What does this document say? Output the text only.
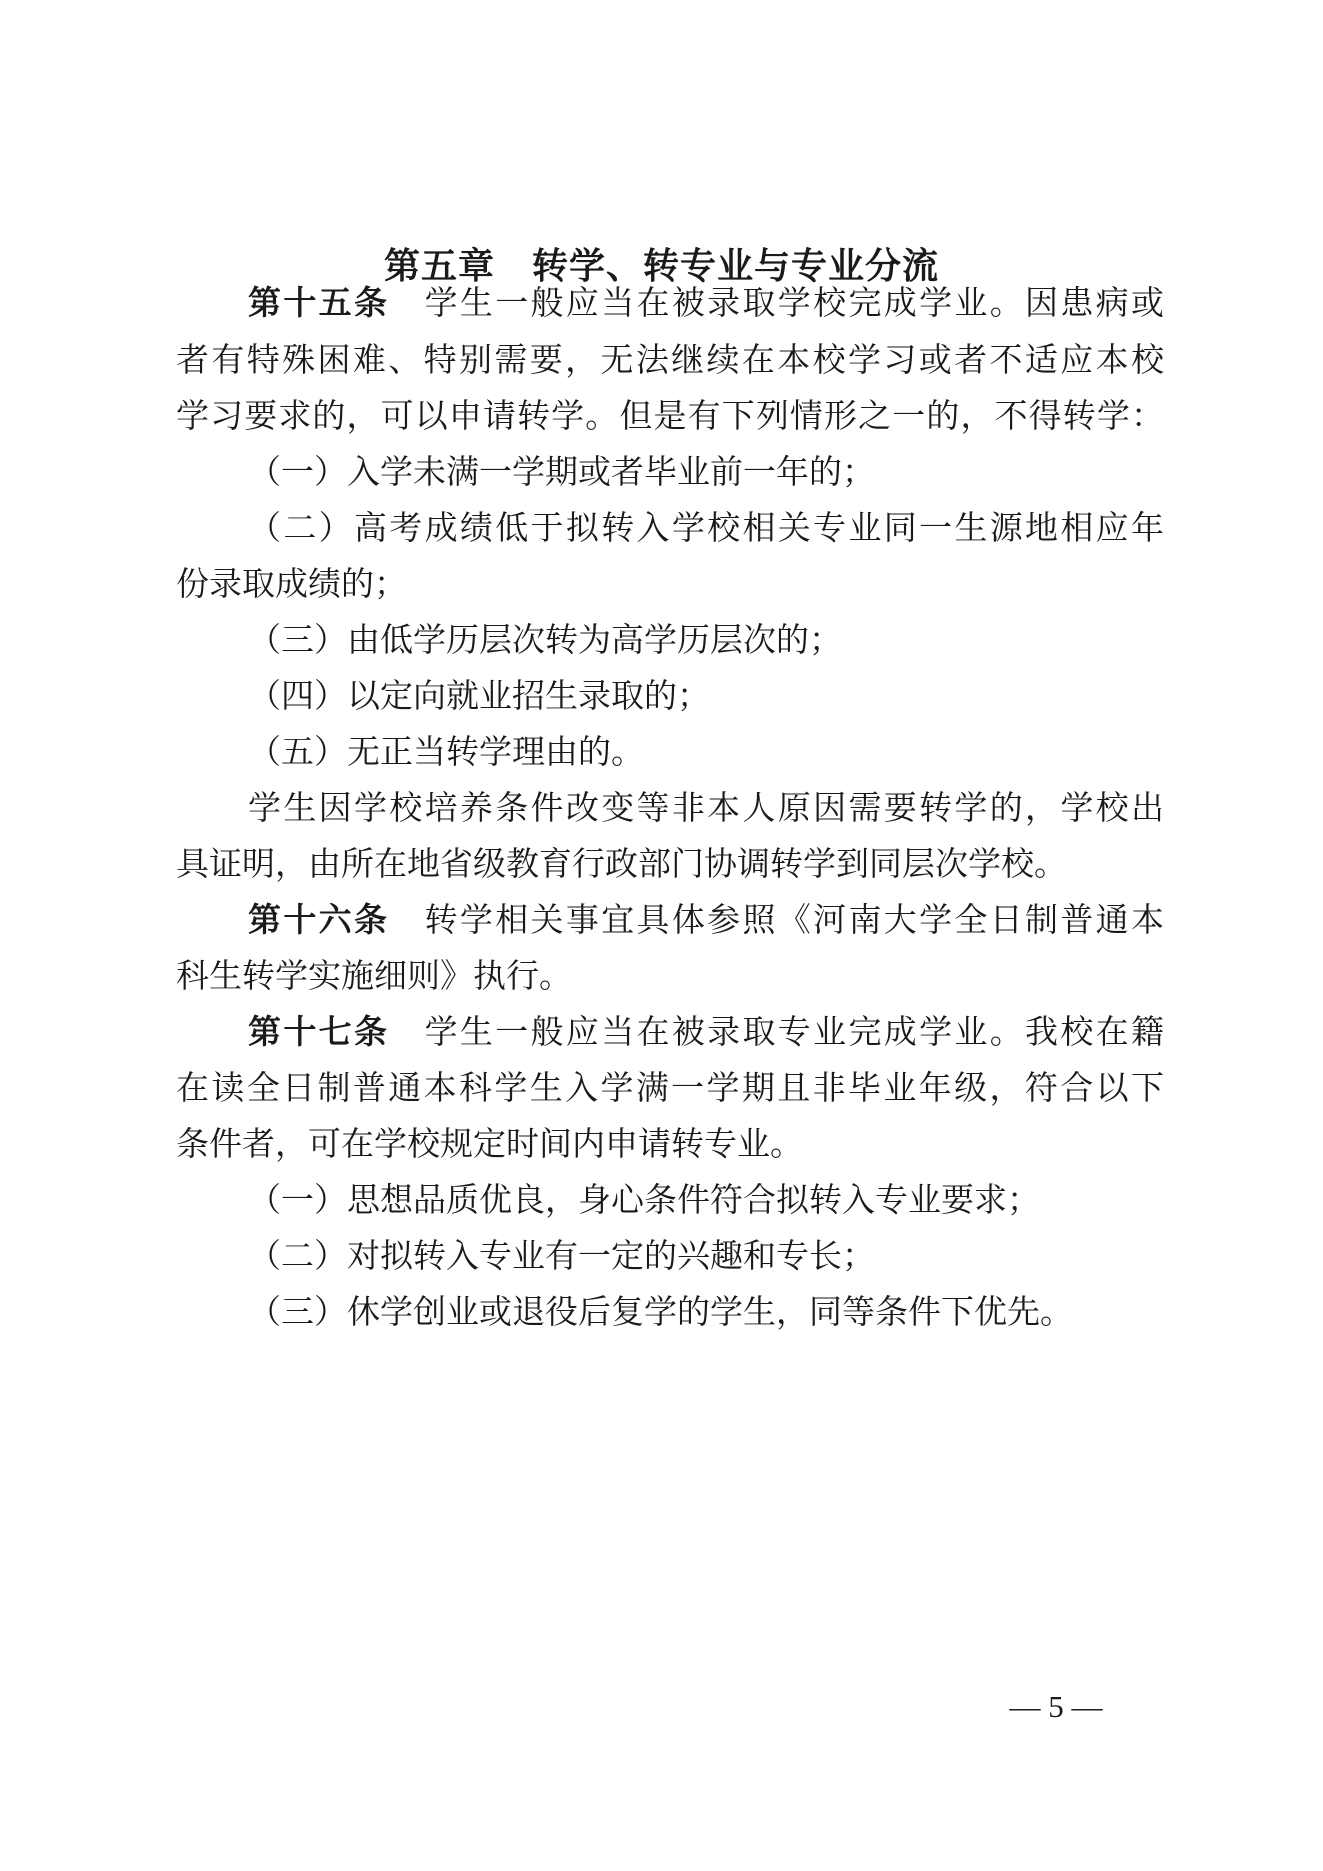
第五章　转学、转专业与专业分流
第十五条　学生一般应当在被录取学校完成学业。因患病或
者有特殊困难、特别需要，无法继续在本校学习或者不适应本校
学习要求的，可以申请转学。但是有下列情形之一的，不得转学：
（一）入学未满一学期或者毕业前一年的；
（二）高考成绩低于拟转入学校相关专业同一生源地相应年
份录取成绩的；
（三）由低学历层次转为高学历层次的；
（四）以定向就业招生录取的；
（五）无正当转学理由的。
学生因学校培养条件改变等非本人原因需要转学的，学校出
具证明，由所在地省级教育行政部门协调转学到同层次学校。
第十六条　转学相关事宜具体参照《河南大学全日制普通本
科生转学实施细则》执行。
第十七条　学生一般应当在被录取专业完成学业。我校在籍
在读全日制普通本科学生入学满一学期且非毕业年级，符合以下
条件者，可在学校规定时间内申请转专业。
（一）思想品质优良，身心条件符合拟转入专业要求；
（二）对拟转入专业有一定的兴趣和专长；
（三）休学创业或退役后复学的学生，同等条件下优先。
— 5 —
